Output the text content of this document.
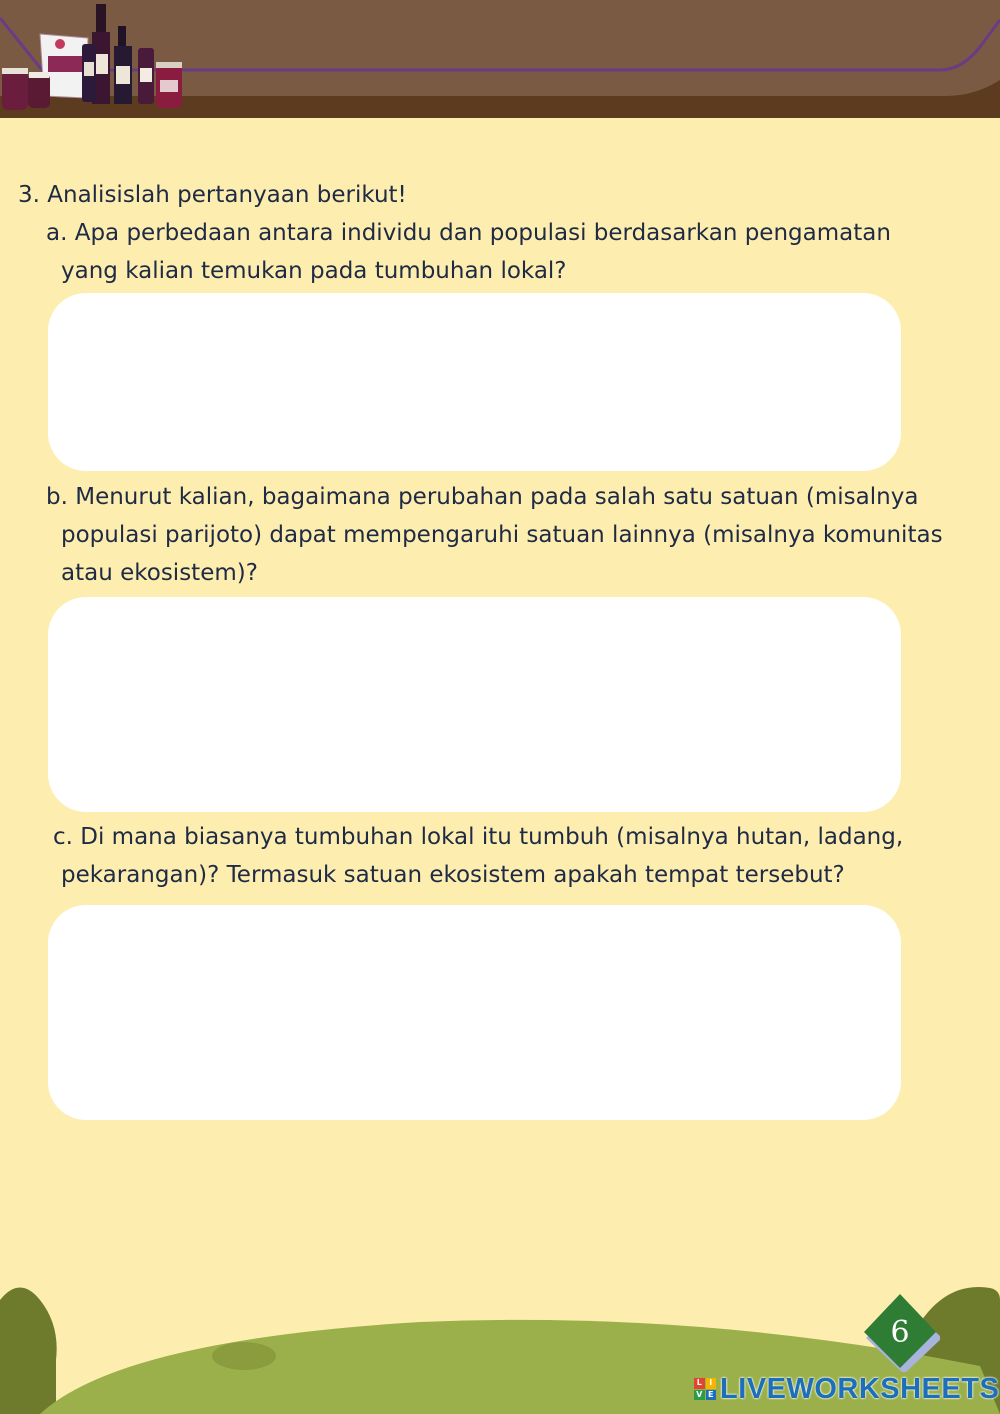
3. Analisislah pertanyaan berikut!
a. Apa perbedaan antara individu dan populasi berdasarkan pengamatan
yang kalian temukan pada tumbuhan lokal?
b. Menurut kalian, bagaimana perubahan pada salah satu satuan (misalnya
populasi parijoto) dapat mempengaruhi satuan lainnya (misalnya komunitas
atau ekosistem)?
c. Di mana biasanya tumbuhan lokal itu tumbuh (misalnya hutan, ladang,
pekarangan)? Termasuk satuan ekosistem apakah tempat tersebut?
6
L I
V E LIVEWORKSHEETS
